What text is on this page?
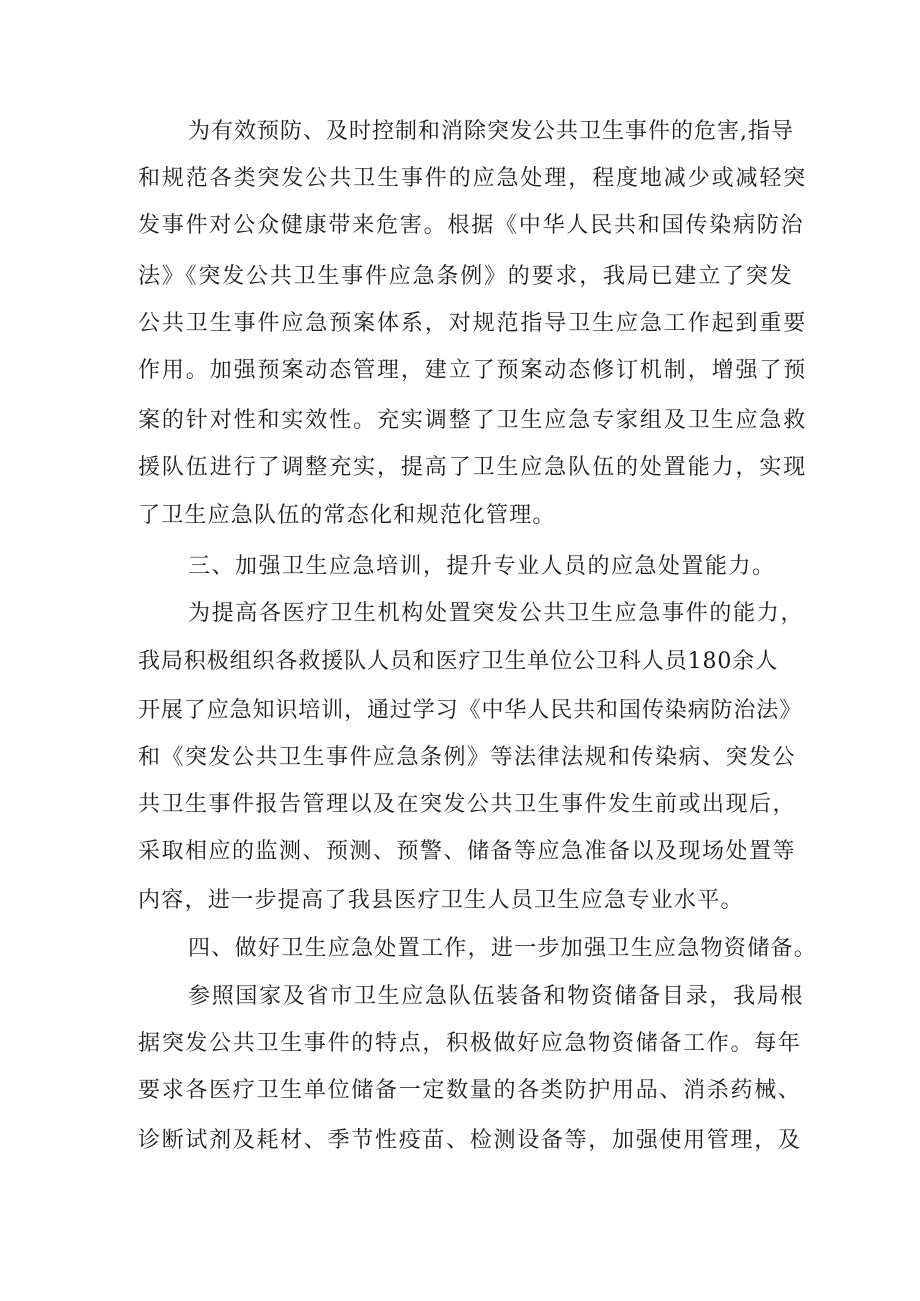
为有效预防、及时控制和消除突发公共卫生事件的危害,指导

和规范各类突发公共卫生事件的应急处理，程度地减少或减轻突

发事件对公众健康带来危害。根据《中华人民共和国传染病防治

法》《突发公共卫生事件应急条例》的要求，我局已建立了突发

公共卫生事件应急预案体系，对规范指导卫生应急工作起到重要

作用。加强预案动态管理，建立了预案动态修订机制，增强了预

案的针对性和实效性。充实调整了卫生应急专家组及卫生应急救

援队伍进行了调整充实，提高了卫生应急队伍的处置能力，实现

了卫生应急队伍的常态化和规范化管理。

三、加强卫生应急培训，提升专业人员的应急处置能力。

为提高各医疗卫生机构处置突发公共卫生应急事件的能力，

我局积极组织各救援队人员和医疗卫生单位公卫科人员180余人

开展了应急知识培训，通过学习《中华人民共和国传染病防治法》

和《突发公共卫生事件应急条例》等法律法规和传染病、突发公

共卫生事件报告管理以及在突发公共卫生事件发生前或出现后，

采取相应的监测、预测、预警、储备等应急准备以及现场处置等

内容，进一步提高了我县医疗卫生人员卫生应急专业水平。

四、做好卫生应急处置工作，进一步加强卫生应急物资储备。

参照国家及省市卫生应急队伍装备和物资储备目录，我局根

据突发公共卫生事件的特点，积极做好应急物资储备工作。每年

要求各医疗卫生单位储备一定数量的各类防护用品、消杀药械、

诊断试剂及耗材、季节性疫苗、检测设备等，加强使用管理，及
